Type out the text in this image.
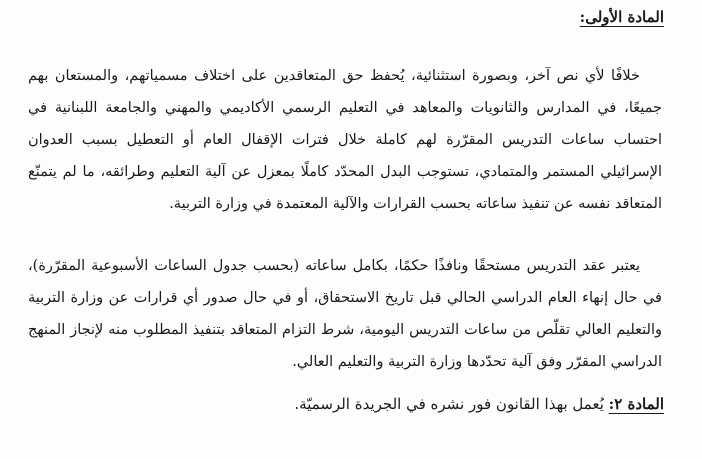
المادة الأولى:

خلافًا لأي نص آخر، وبصورة استثنائية، يُحفظ حق المتعاقدين على اختلاف مسمياتهم، والمستعان بهم جميعًا، في المدارس والثانويات والمعاهد في التعليم الرسمي الأكاديمي والمهني والجامعة اللبنانية في احتساب ساعات التدريس المقرّرة لهم كاملة خلال فترات الإقفال العام أو التعطيل بسبب العدوان الإسرائيلي المستمر والمتمادي، تستوجب البدل المحدّد كاملًا بمعزل عن آلية التعليم وطرائقه، ما لم يتمنّع المتعاقد نفسه عن تنفيذ ساعاته بحسب القرارات والآلية المعتمدة في وزارة التربية.

يعتبر عقد التدريس مستحقًا ونافذًا حكمًا، بكامل ساعاته (بحسب جدول الساعات الأسبوعية المقرّرة)، في حال إنهاء العام الدراسي الحالي قبل تاريخ الاستحقاق، أو في حال صدور أي قرارات عن وزارة التربية والتعليم العالي تقلّص من ساعات التدريس اليومية، شرط التزام المتعاقد بتنفيذ المطلوب منه لإنجاز المنهج الدراسي المقرّر وفق آلية تحدّدها وزارة التربية والتعليم العالي.

المادة ٢: يُعمل بهذا القانون فور نشره في الجريدة الرسميّة.
